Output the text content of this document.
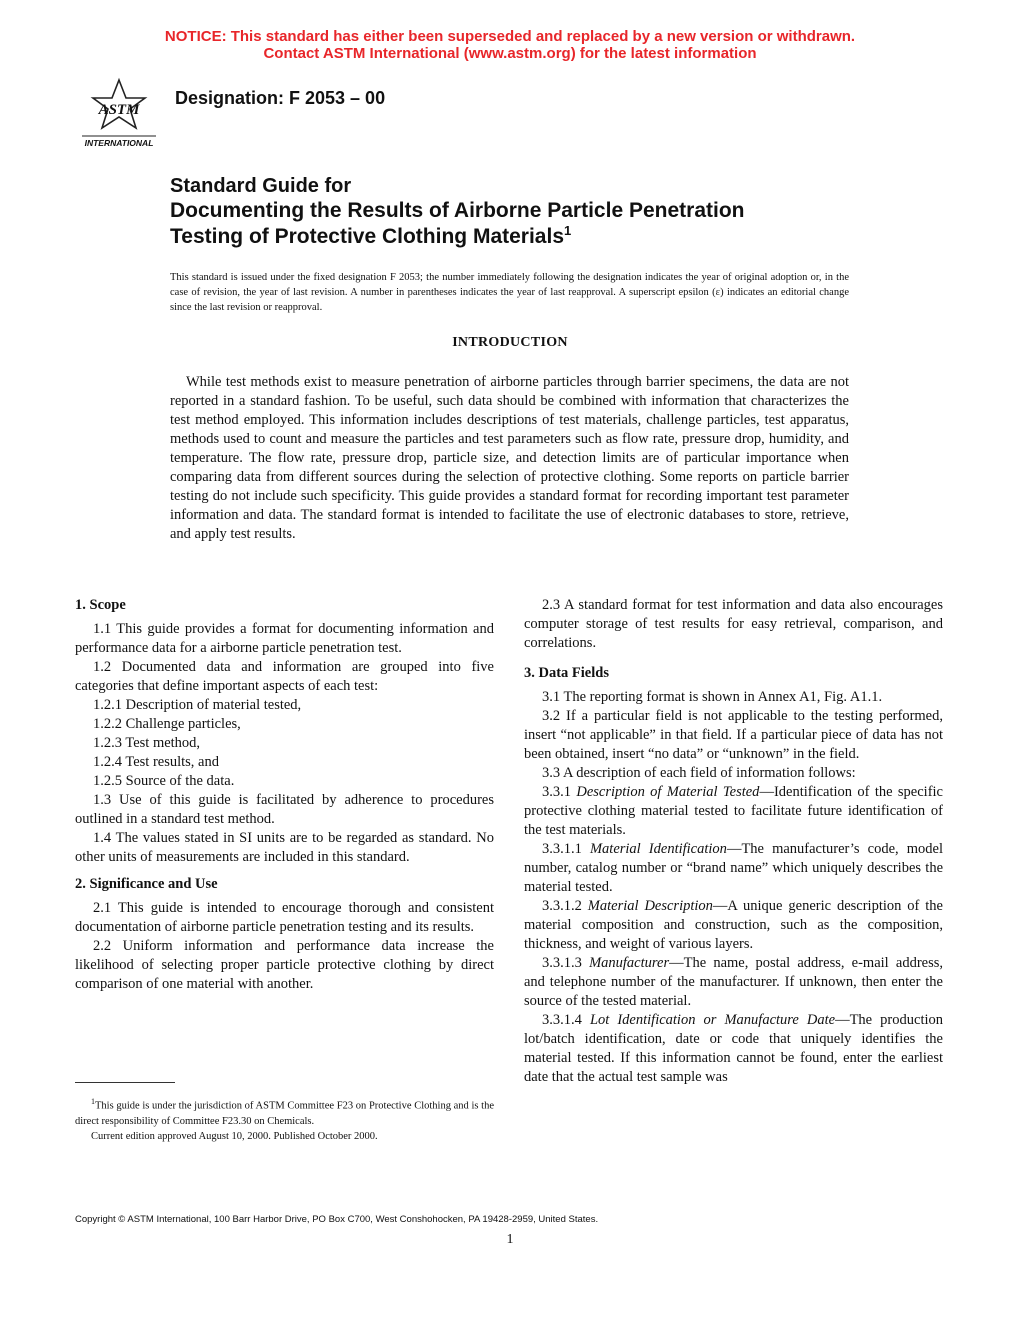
NOTICE: This standard has either been superseded and replaced by a new version or withdrawn.
Contact ASTM International (www.astm.org) for the latest information
ASTM
INTERNATIONAL
Designation: F 2053 – 00
Standard Guide for
Documenting the Results of Airborne Particle Penetration
Testing of Protective Clothing Materials$^1$
This standard is issued under the fixed designation F 2053; the number immediately following the designation indicates the year of original adoption or, in the case of revision, the year of last revision. A number in parentheses indicates the year of last reapproval. A superscript epsilon (ε) indicates an editorial change since the last revision or reapproval.
INTRODUCTION
While test methods exist to measure penetration of airborne particles through barrier specimens, the data are not reported in a standard fashion. To be useful, such data should be combined with information that characterizes the test method employed. This information includes descriptions of test materials, challenge particles, test apparatus, methods used to count and measure the particles and test parameters such as flow rate, pressure drop, humidity, and temperature. The flow rate, pressure drop, particle size, and detection limits are of particular importance when comparing data from different sources during the selection of protective clothing. Some reports on particle barrier testing do not include such specificity. This guide provides a standard format for recording important test parameter information and data. The standard format is intended to facilitate the use of electronic databases to store, retrieve, and apply test results.
1. Scope

1.1 This guide provides a format for documenting information and performance data for a airborne particle penetration test.

1.2 Documented data and information are grouped into five categories that define important aspects of each test:

1.2.1 Description of material tested,

1.2.2 Challenge particles,

1.2.3 Test method,

1.2.4 Test results, and

1.2.5 Source of the data.

1.3 Use of this guide is facilitated by adherence to procedures outlined in a standard test method.

1.4 The values stated in SI units are to be regarded as standard. No other units of measurements are included in this standard.

2. Significance and Use

2.1 This guide is intended to encourage thorough and consistent documentation of airborne particle penetration testing and its results.

2.2 Uniform information and performance data increase the likelihood of selecting proper particle protective clothing by direct comparison of one material with another.

2.3 A standard format for test information and data also encourages computer storage of test results for easy retrieval, comparison, and correlations.

3. Data Fields

3.1 The reporting format is shown in Annex A1, Fig. A1.1.

3.2 If a particular field is not applicable to the testing performed, insert “not applicable” in that field. If a particular piece of data has not been obtained, insert “no data” or “unknown” in the field.

3.3 A description of each field of information follows:

3.3.1 Description of Material Tested—Identification of the specific protective clothing material tested to facilitate future identification of the test materials.

3.3.1.1 Material Identification—The manufacturer’s code, model number, catalog number or “brand name” which uniquely describes the material tested.

3.3.1.2 Material Description—A unique generic description of the material composition and construction, such as the composition, thickness, and weight of various layers.

3.3.1.3 Manufacturer—The name, postal address, e-mail address, and telephone number of the manufacturer. If unknown, then enter the source of the tested material.

3.3.1.4 Lot Identification or Manufacture Date—The production lot/batch identification, date or code that uniquely identifies the material tested. If this information cannot be found, enter the earliest date that the actual test sample was

$^1$This guide is under the jurisdiction of ASTM Committee F23 on Protective Clothing and is the direct responsibility of Committee F23.30 on Chemicals.

Current edition approved August 10, 2000. Published October 2000.

Copyright © ASTM International, 100 Barr Harbor Drive, PO Box C700, West Conshohocken, PA 19428-2959, United States.
1
